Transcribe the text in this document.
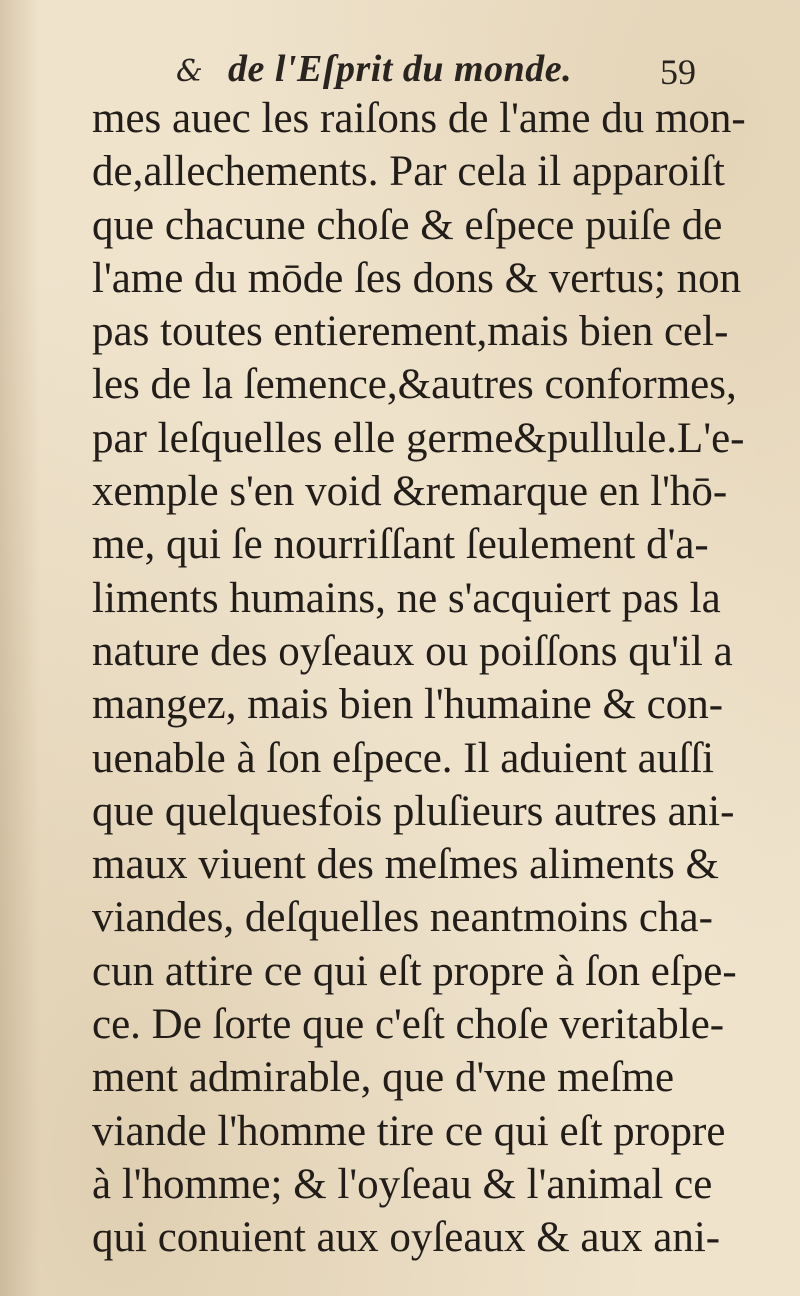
& de l'Eſprit du monde. 59
mes auec les raiſons de l'ame du mon-
de,allechements. Par cela il apparoiſt
que chacune choſe & eſpece puiſe de
l'ame du mōde ſes dons & vertus; non
pas toutes entierement,mais bien cel-
les de la ſemence,&autres conformes,
par leſquelles elle germe&pullule.L'e-
xemple s'en void &remarque en l'hō-
me, qui ſe nourriſſant ſeulement d'a-
liments humains, ne s'acquiert pas la
nature des oyſeaux ou poiſſons qu'il a
mangez, mais bien l'humaine & con-
uenable à ſon eſpece. Il aduient auſſi
que quelquesfois pluſieurs autres ani-
maux viuent des meſmes aliments &
viandes, deſquelles neantmoins cha-
cun attire ce qui eſt propre à ſon eſpe-
ce. De ſorte que c'eſt choſe veritable-
ment admirable, que d'vne meſme
viande l'homme tire ce qui eſt propre
à l'homme; & l'oyſeau & l'animal ce
qui conuient aux oyſeaux & aux ani-
